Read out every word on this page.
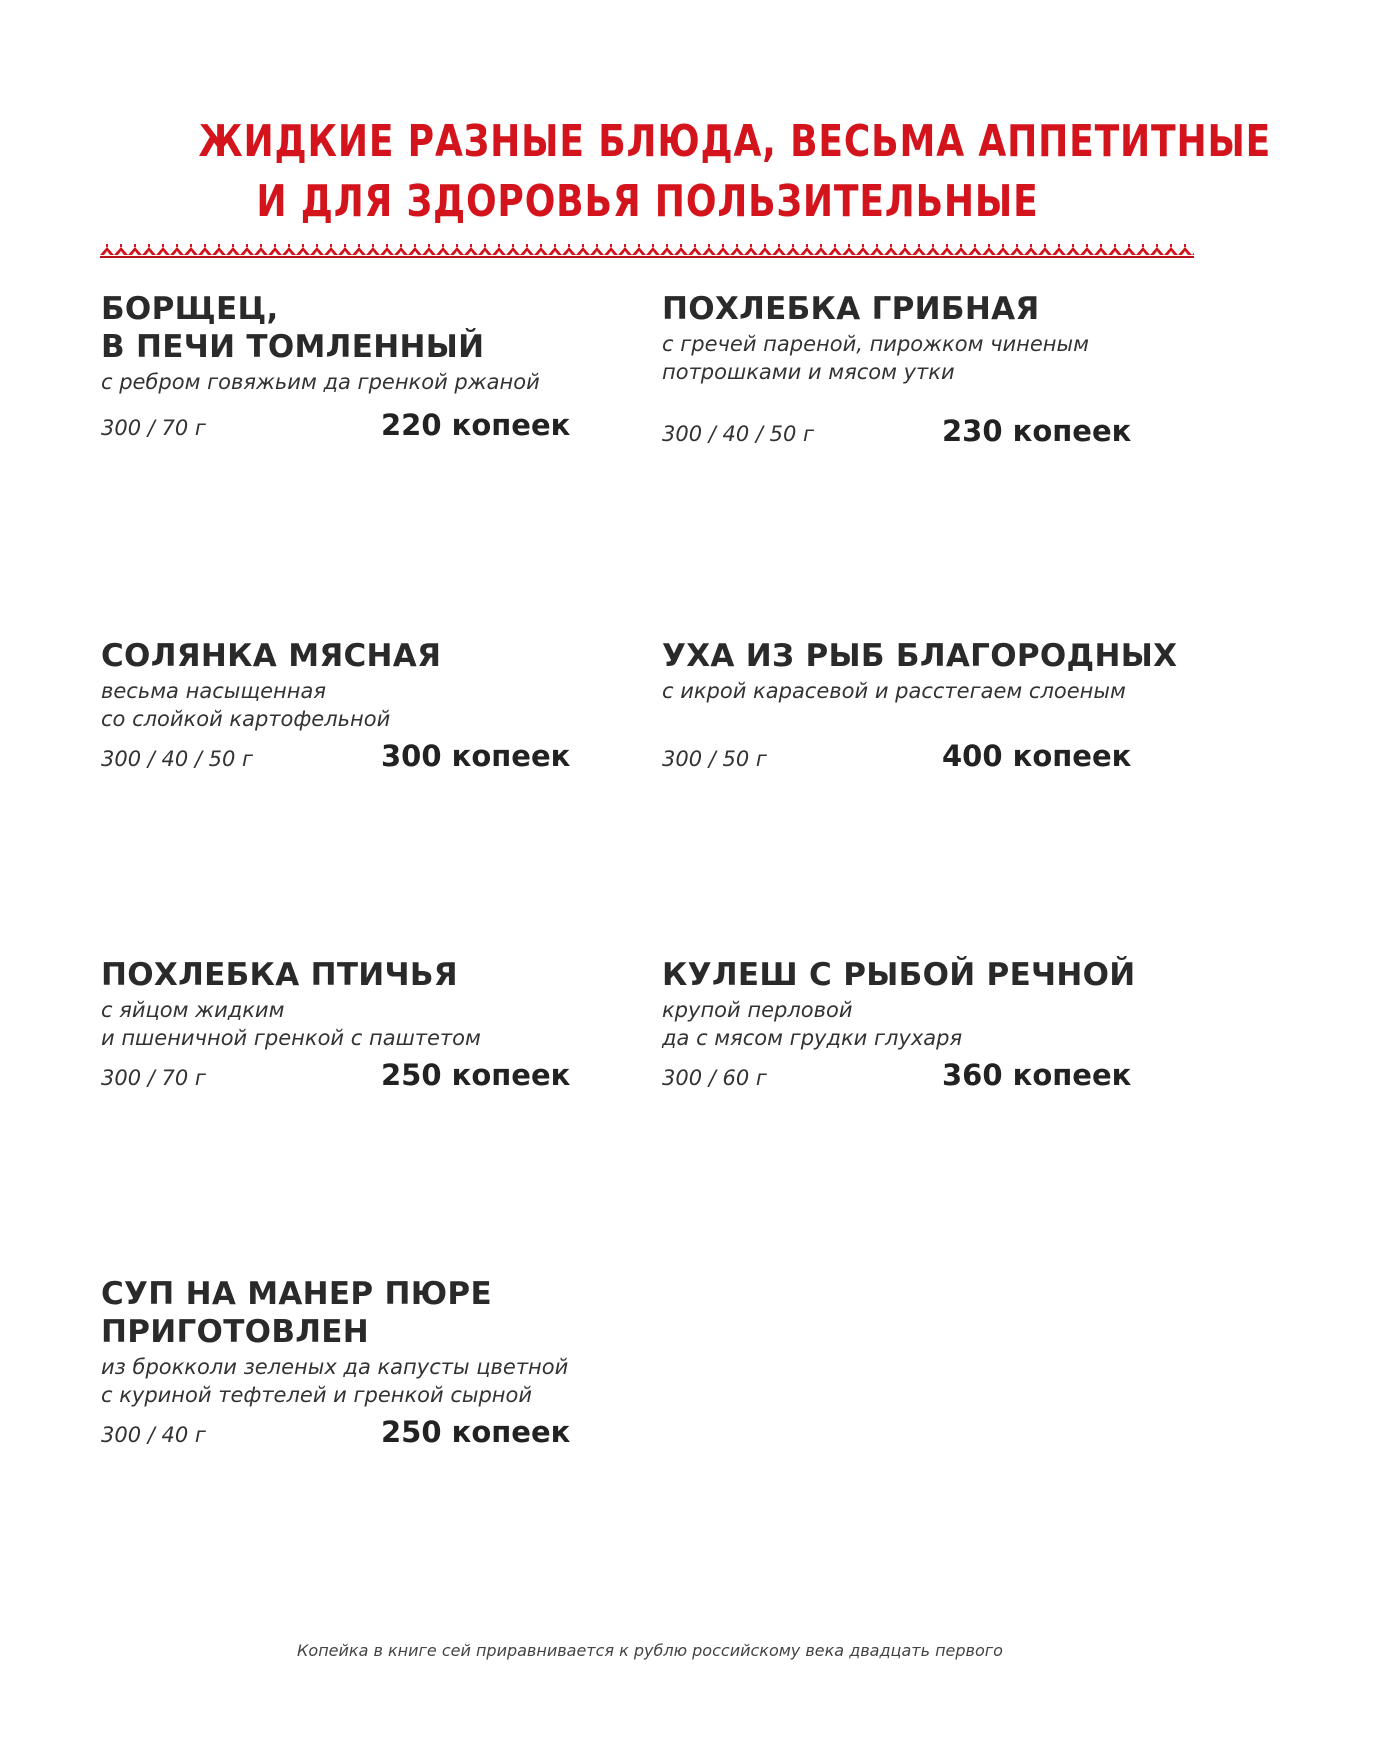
ЖИДКИЕ РАЗНЫЕ БЛЮДА, ВЕСЬМА АППЕТИТНЫЕ
И ДЛЯ ЗДОРОВЬЯ ПОЛЬЗИТЕЛЬНЫЕ
БОРЩЕЦ,
В ПЕЧИ ТОМЛЕННЫЙ
с ребром говяжьим да гренкой ржаной
300 / 70 г	220 копеек
ПОХЛЕБКА ГРИБНАЯ
с гречей пареной, пирожком чиненым
потрошками и мясом утки
300 / 40 / 50 г	230 копеек
СОЛЯНКА МЯСНАЯ
весьма насыщенная
со слойкой картофельной
300 / 40 / 50 г	300 копеек
УХА ИЗ РЫБ БЛАГОРОДНЫХ
с икрой карасевой и расстегаем слоеным
300 / 50 г	400 копеек
ПОХЛЕБКА ПТИЧЬЯ
с яйцом жидким
и пшеничной гренкой с паштетом
300 / 70 г	250 копеек
КУЛЕШ С РЫБОЙ РЕЧНОЙ
крупой перловой
да с мясом грудки глухаря
300 / 60 г	360 копеек
СУП НА МАНЕР ПЮРЕ
ПРИГОТОВЛЕН
из брокколи зеленых да капусты цветной
с куриной тефтелей и гренкой сырной
300 / 40 г	250 копеек

Копейка в книге сей приравнивается к рублю российскому века двадцать первого
